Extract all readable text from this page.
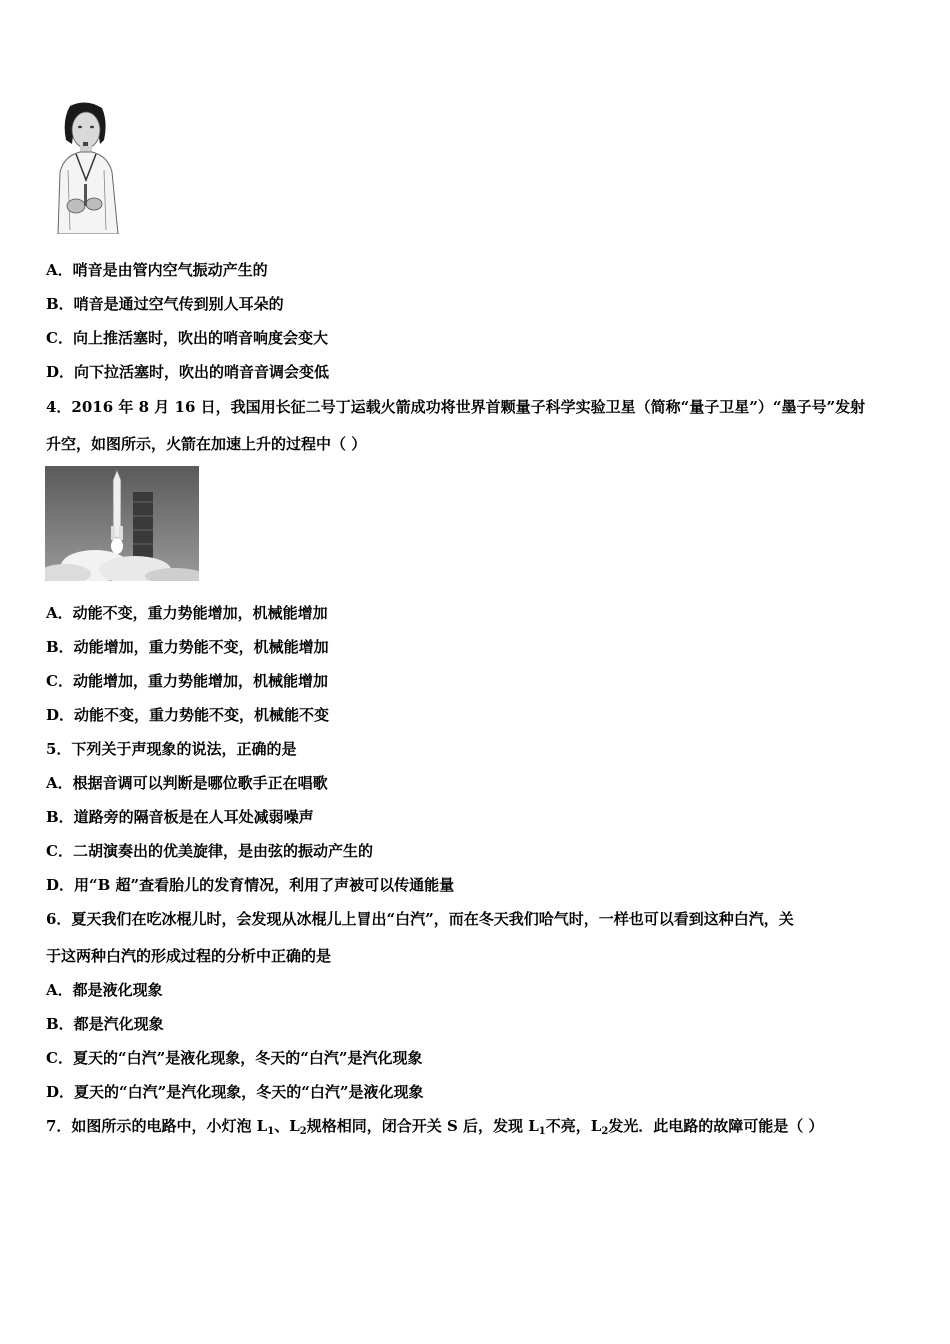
A．哨音是由管内空气振动产生的
B．哨音是通过空气传到别人耳朵的
C．向上推活塞时，吹出的哨音响度会变大
D．向下拉活塞时，吹出的哨音音调会变低
4．2016 年 8 月 16 日，我国用长征二号丁运载火箭成功将世界首颗量子科学实验卫星（简称“量子卫星”）“墨子号”发射
升空，如图所示，火箭在加速上升的过程中（ ）
A．动能不变，重力势能增加，机械能增加
B．动能增加，重力势能不变，机械能增加
C．动能增加，重力势能增加，机械能增加
D．动能不变，重力势能不变，机械能不变
5．下列关于声现象的说法，正确的是
A．根据音调可以判断是哪位歌手正在唱歌
B．道路旁的隔音板是在人耳处减弱噪声
C．二胡演奏出的优美旋律，是由弦的振动产生的
D．用“B 超”查看胎儿的发育情况，利用了声被可以传通能量
6．夏天我们在吃冰棍儿时，会发现从冰棍儿上冒出“白汽”，而在冬天我们哈气时，一样也可以看到这种白汽，关
于这两种白汽的形成过程的分析中正确的是
A．都是液化现象
B．都是汽化现象
C．夏天的“白汽”是液化现象，冬天的“白汽”是汽化现象
D．夏天的“白汽”是汽化现象，冬天的“白汽”是液化现象
7．如图所示的电路中，小灯泡 $L_1$、$L_2$规格相同，闭合开关 S 后，发现 $L_1$不亮，$L_2$发光．此电路的故障可能是（ ）
